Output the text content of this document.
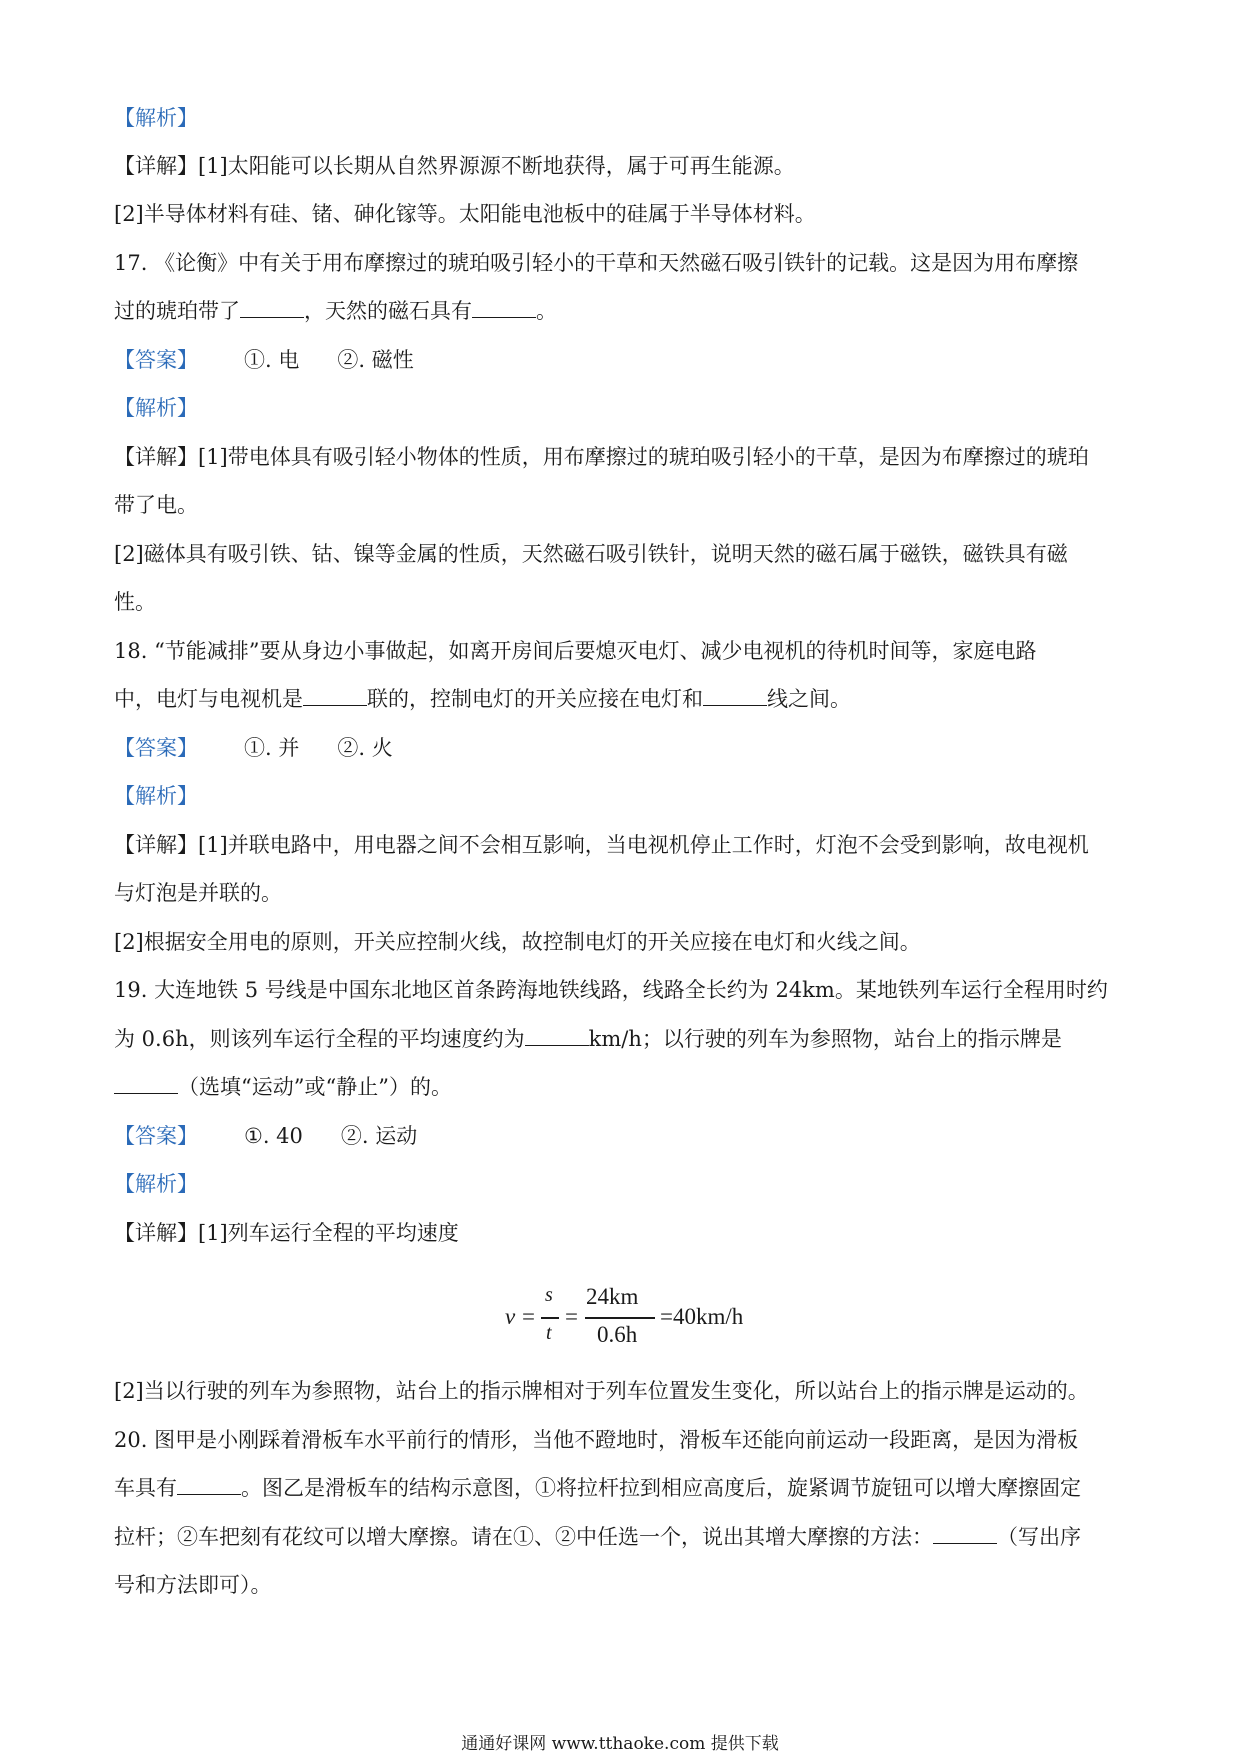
【解析】
【详解】[1]太阳能可以长期从自然界源源不断地获得，属于可再生能源。
[2]半导体材料有硅、锗、砷化镓等。太阳能电池板中的硅属于半导体材料。
17. 《论衡》中有关于用布摩擦过的琥珀吸引轻小的干草和天然磁石吸引铁针的记载。这是因为用布摩擦
过的琥珀带了	，天然的磁石具有	。
【答案】 ①. 电 ②. 磁性
【解析】
【详解】[1]带电体具有吸引轻小物体的性质，用布摩擦过的琥珀吸引轻小的干草，是因为布摩擦过的琥珀
带了电。
[2]磁体具有吸引铁、钴、镍等金属的性质，天然磁石吸引铁针，说明天然的磁石属于磁铁，磁铁具有磁
性。
18. “节能减排”要从身边小事做起，如离开房间后要熄灭电灯、减少电视机的待机时间等，家庭电路
中，电灯与电视机是	联的，控制电灯的开关应接在电灯和	线之间。
【答案】 ①. 并 ②. 火
【解析】
【详解】[1]并联电路中，用电器之间不会相互影响，当电视机停止工作时，灯泡不会受到影响，故电视机
与灯泡是并联的。
[2]根据安全用电的原则，开关应控制火线，故控制电灯的开关应接在电灯和火线之间。
19. 大连地铁 5 号线是中国东北地区首条跨海地铁线路，线路全长约为 24km。某地铁列车运行全程用时约
为 0.6h，则该列车运行全程的平均速度约为	km/h；以行驶的列车为参照物，站台上的指示牌是
（选填“运动”或“静止”）的。
【答案】 ①. 40 ②. 运动
【解析】
【详解】[1]列车运行全程的平均速度
v =
s
t
=
24km
0.6h
=40km/h
[2]当以行驶的列车为参照物，站台上的指示牌相对于列车位置发生变化，所以站台上的指示牌是运动的。
20. 图甲是小刚踩着滑板车水平前行的情形，当他不蹬地时，滑板车还能向前运动一段距离，是因为滑板
车具有	。图乙是滑板车的结构示意图，①将拉杆拉到相应高度后，旋紧调节旋钮可以增大摩擦固定
拉杆；②车把刻有花纹可以增大摩擦。请在①、②中任选一个，说出其增大摩擦的方法：	（写出序
号和方法即可）。
通通好课网 www.tthaoke.com 提供下载
